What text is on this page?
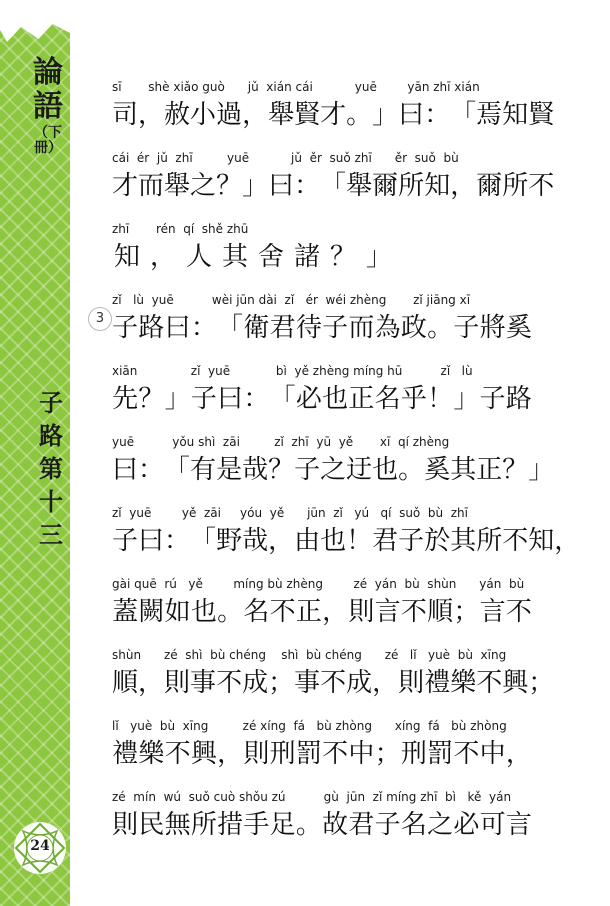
論
語
（下冊）
子
路
第
十
三
24
3
sī       shè xiǎo guò      jǔ  xián cái           yuē        yān zhī xián
司 ， 赦 小 過 ， 舉 賢 才 。 」 曰 ： 「 焉 知 賢
cái  ér  jǔ  zhī         yuē           jǔ  ěr  suǒ zhī      ěr  suǒ  bù
才 而 舉 之 ？ 」 曰 ： 「 舉 爾 所 知 ， 爾 所 不
zhī       rén  qí  shě zhū
知 ， 人 其 舍 諸 ？ 」
zǐ   lù  yuē          wèi jūn dài  zǐ   ér  wéi zhèng       zǐ jiāng xī
子 路 曰 ： 「 衛 君 待 子 而 為 政 。 子 將 奚
xiān              zǐ  yuē            bì  yě zhèng míng hū          zǐ   lù
先 ？ 」 子 曰 ： 「 必 也 正 名 乎 ！ 」 子 路
yuē          yǒu shì  zāi         zǐ  zhī  yū  yě       xī  qí zhèng
曰 ： 「 有 是 哉 ？ 子 之 迂 也 。 奚 其 正 ？ 」
zǐ  yuē        yě  zāi     yóu  yě      jūn  zǐ   yú   qí  suǒ  bù  zhī
子 曰 ： 「 野 哉 ， 由 也 ！ 君 子 於 其 所 不 知 ，
gài quē  rú   yě        míng bù zhèng        zé  yán  bù  shùn      yán  bù
蓋 闕 如 也 。 名 不 正 ， 則 言 不 順 ； 言 不
shùn      zé  shì  bù chéng    shì  bù chéng      zé   lǐ   yuè  bù  xīng
順 ， 則 事 不 成 ； 事 不 成 ， 則 禮 樂 不 興 ；
lǐ   yuè  bù  xīng         zé xíng  fá   bù zhòng      xíng  fá   bù zhòng
禮 樂 不 興 ， 則 刑 罰 不 中 ； 刑 罰 不 中 ，
zé  mín  wú  suǒ cuò shǒu zú          gù  jūn  zǐ míng zhī  bì   kě  yán
則 民 無 所 措 手 足 。 故 君 子 名 之 必 可 言
